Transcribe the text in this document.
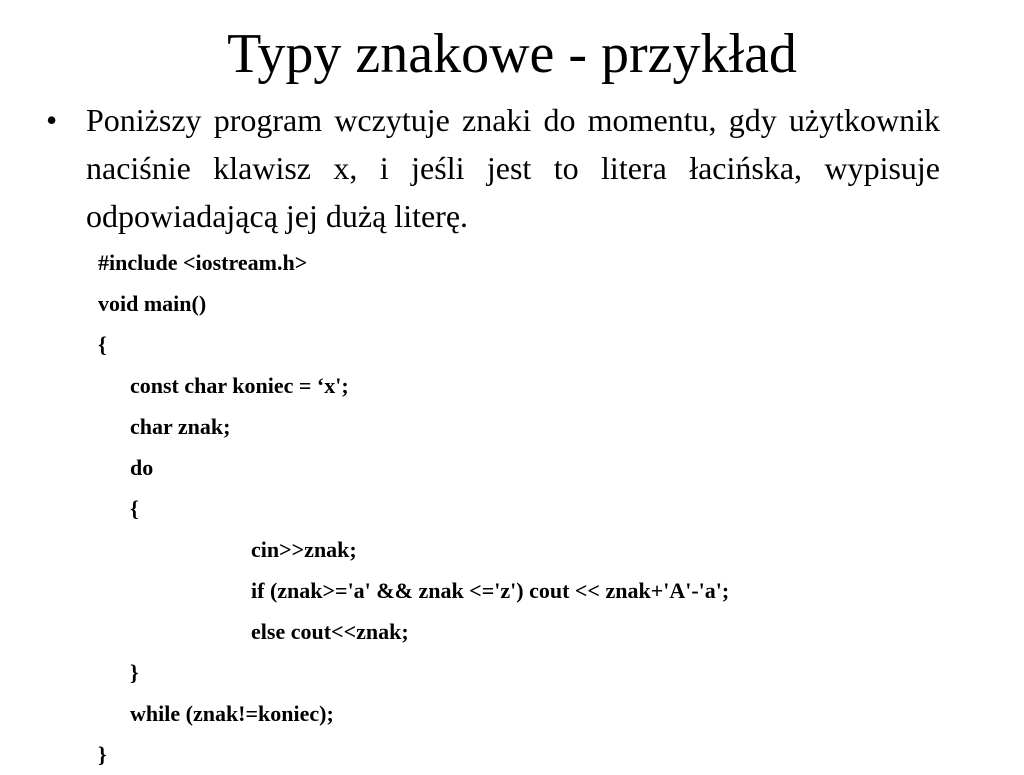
Typy znakowe - przykład
• Poniższy program wczytuje znaki do momentu, gdy użytkownik naciśnie klawisz x, i jeśli jest to litera łacińska, wypisuje odpowiadającą jej dużą literę.
#include <iostream.h>
void main()
{
const char koniec = ‘x';
char znak;
do
{
cin>>znak;
if (znak>='a' && znak <='z') cout << znak+'A'-'a';
else cout<<znak;
}
while (znak!=koniec);
}
